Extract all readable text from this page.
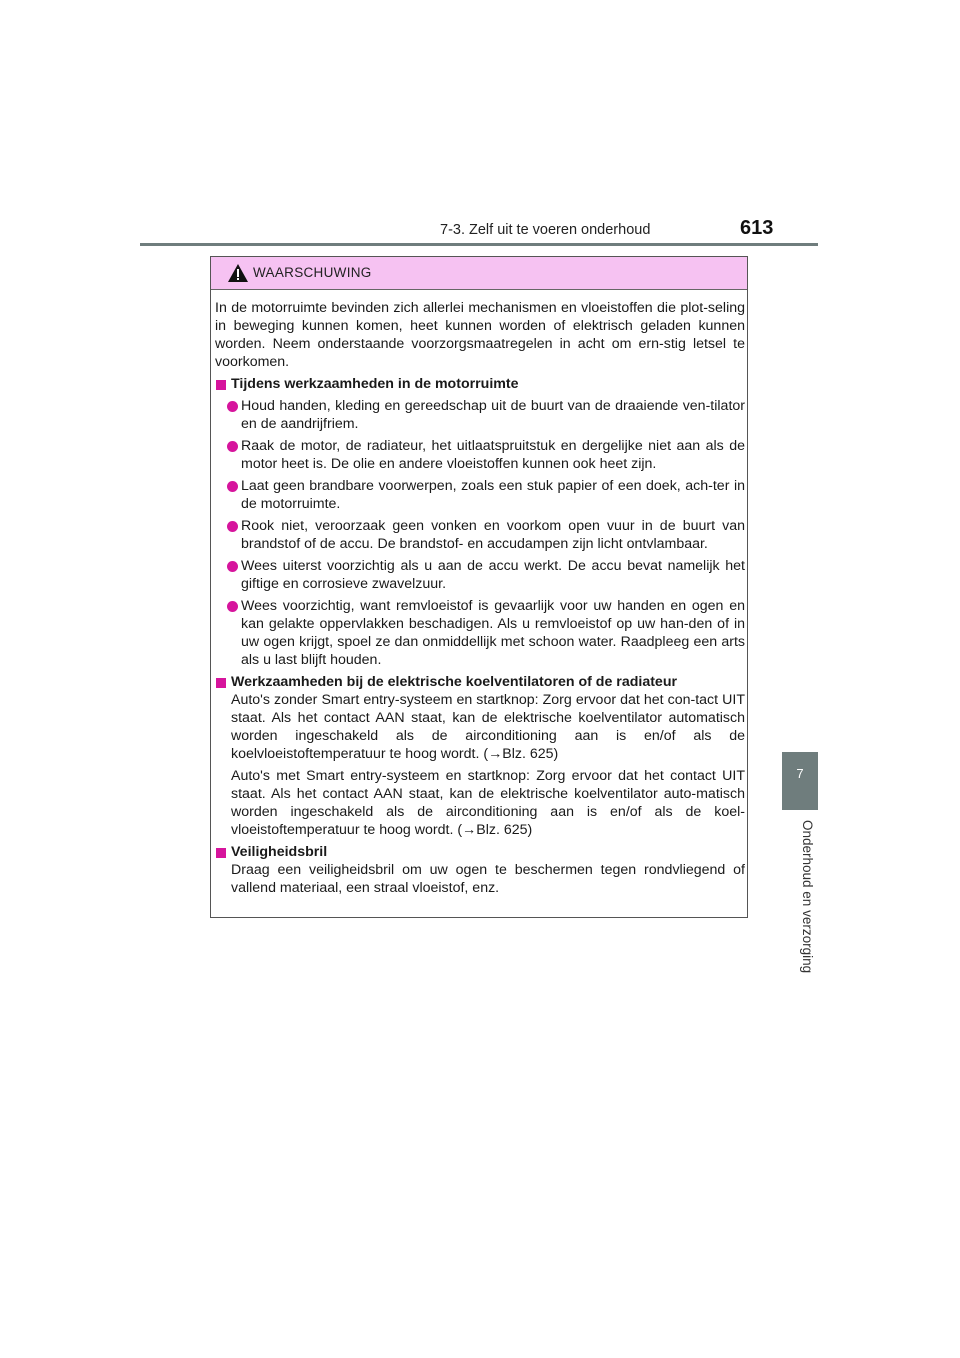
7-3. Zelf uit te voeren onderhoud	613
7
Onderhoud en verzorging
WAARSCHUWING

In de motorruimte bevinden zich allerlei mechanismen en vloeistoffen die plot-seling in beweging kunnen komen, heet kunnen worden of elektrisch geladen kunnen worden. Neem onderstaande voorzorgsmaatregelen in acht om ern-stig letsel te voorkomen.

Tijdens werkzaamheden in de motorruimte
Houd handen, kleding en gereedschap uit de buurt van de draaiende ven-tilator en de aandrijfriem.
Raak de motor, de radiateur, het uitlaatspruitstuk en dergelijke niet aan als de motor heet is. De olie en andere vloeistoffen kunnen ook heet zijn.
Laat geen brandbare voorwerpen, zoals een stuk papier of een doek, ach-ter in de motorruimte.
Rook niet, veroorzaak geen vonken en voorkom open vuur in de buurt van brandstof of de accu. De brandstof- en accudampen zijn licht ontvlambaar.
Wees uiterst voorzichtig als u aan de accu werkt. De accu bevat namelijk het giftige en corrosieve zwavelzuur.
Wees voorzichtig, want remvloeistof is gevaarlijk voor uw handen en ogen en kan gelakte oppervlakken beschadigen. Als u remvloeistof op uw han-den of in uw ogen krijgt, spoel ze dan onmiddellijk met schoon water. Raadpleeg een arts als u last blijft houden.
Werkzaamheden bij de elektrische koelventilatoren of de radiateur
Auto's zonder Smart entry-systeem en startknop: Zorg ervoor dat het con-tact UIT staat. Als het contact AAN staat, kan de elektrische koelventilator automatisch worden ingeschakeld als de airconditioning aan is en/of als de koelvloeistoftemperatuur te hoog wordt. (→Blz. 625)
Auto's met Smart entry-systeem en startknop: Zorg ervoor dat het contact UIT staat. Als het contact AAN staat, kan de elektrische koelventilator auto-matisch worden ingeschakeld als de airconditioning aan is en/of als de koel-vloeistoftemperatuur te hoog wordt. (→Blz. 625)
Veiligheidsbril
Draag een veiligheidsbril om uw ogen te beschermen tegen rondvliegend of vallend materiaal, een straal vloeistof, enz.
